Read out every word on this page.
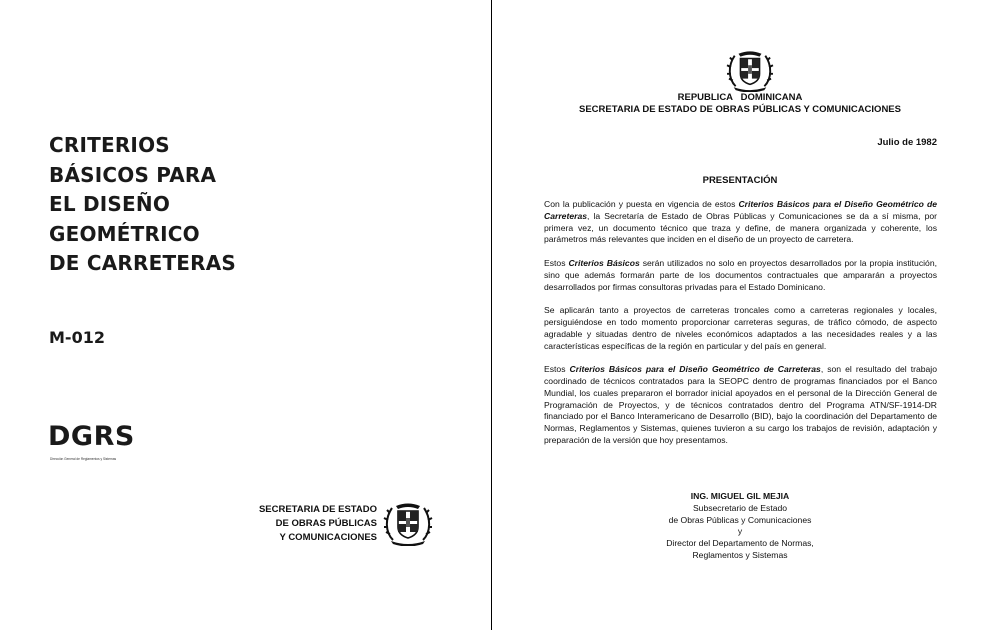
CRITERIOS
BÁSICOS PARA
EL DISEÑO
GEOMÉTRICO
DE CARRETERAS
M-012
DGRS
Dirección General de Reglamentos y Sistemas
SECRETARIA DE ESTADO
DE OBRAS PÚBLICAS
Y COMUNICACIONES
REPUBLICA   DOMINICANA
SECRETARIA DE ESTADO DE OBRAS PÚBLICAS Y COMUNICACIONES
Julio de 1982
PRESENTACIÓN

Con la publicación y puesta en vigencia de estos Criterios Básicos para el Diseño Geométrico de Carreteras, la Secretaría de Estado de Obras Públicas y Comunicaciones se da a sí misma, por primera vez, un documento técnico que traza y define, de manera organizada y coherente, los parámetros más relevantes que inciden en el diseño de un proyecto de carretera.

Estos Criterios Básicos serán utilizados no solo en proyectos desarrollados por la propia institución, sino que además formarán parte de los documentos contractuales que ampararán a proyectos desarrollados por firmas consultoras privadas para el Estado Dominicano.

Se aplicarán tanto a proyectos de carreteras troncales como a carreteras regionales y locales, persiguiéndose en todo momento proporcionar carreteras seguras, de tráfico cómodo, de aspecto agradable y situadas dentro de niveles económicos adaptados a las necesidades reales y a las características específicas de la región en particular y del país en general.

Estos Criterios Básicos para el Diseño Geométrico de Carreteras, son el resultado del trabajo coordinado de técnicos contratados para la SEOPC dentro de programas financiados por el Banco Mundial, los cuales prepararon el borrador inicial apoyados en el personal de la Dirección General de Programación de Proyectos, y de técnicos contratados dentro del Programa ATN/SF-1914-DR financiado por el Banco Interamericano de Desarrollo (BID), bajo la coordinación del Departamento de Normas, Reglamentos y Sistemas, quienes tuvieron a su cargo los trabajos de revisión, adaptación y preparación de la versión que hoy presentamos.

ING. MIGUEL GIL MEJIA
Subsecretario de Estado
de Obras Públicas y Comunicaciones
y
Director del Departamento de Normas,
Reglamentos y Sistemas
